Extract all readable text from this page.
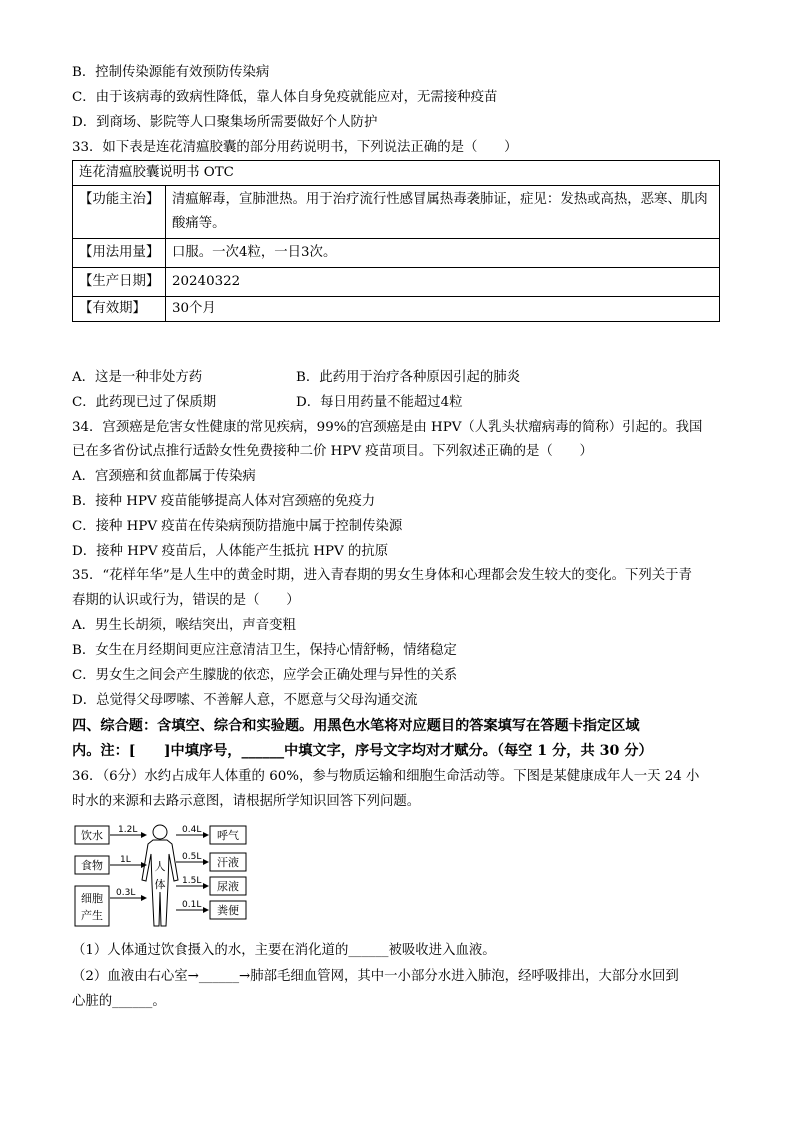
B．控制传染源能有效预防传染病
C．由于该病毒的致病性降低，靠人体自身免疫就能应对，无需接种疫苗
D．到商场、影院等人口聚集场所需要做好个人防护
33．如下表是连花清瘟胶囊的部分用药说明书，下列说法正确的是（　　）
连花清瘟胶囊说明书 OTC	
【功能主治】	清瘟解毒，宣肺泄热。用于治疗流行性感冒属热毒袭肺证，症见：发热或高热，恶寒、肌肉酸痛等。
【用法用量】	口服。一次4粒，一日3次。
【生产日期】	20240322
【有效期】	30个月
A．这是一种非处方药	B．此药用于治疗各种原因引起的肺炎
C．此药现已过了保质期	D．每日用药量不能超过4粒
34．宫颈癌是危害女性健康的常见疾病，99%的宫颈癌是由 HPV（人乳头状瘤病毒的简称）引起的。我国
已在多省份试点推行适龄女性免费接种二价 HPV 疫苗项目。下列叙述正确的是（　　）
A．宫颈癌和贫血都属于传染病
B．接种 HPV 疫苗能够提高人体对宫颈癌的免疫力
C．接种 HPV 疫苗在传染病预防措施中属于控制传染源
D．接种 HPV 疫苗后，人体能产生抵抗 HPV 的抗原
35．“花样年华”是人生中的黄金时期，进入青春期的男女生身体和心理都会发生较大的变化。下列关于青
春期的认识或行为，错误的是（　　）
A．男生长胡须，喉结突出，声音变粗
B．女生在月经期间更应注意清洁卫生，保持心情舒畅，情绪稳定
C．男女生之间会产生朦胧的依恋，应学会正确处理与异性的关系
D．总觉得父母啰嗦、不善解人意，不愿意与父母沟通交流
四、综合题：含填空、综合和实验题。用黑色水笔将对应题目的答案填写在答题卡指定区域
内。注：[　　]中填序号，______中填文字，序号文字均对才赋分。（每空 1 分，共 30 分）
36．（6分）水约占成年人体重的 60%，参与物质运输和细胞生命活动等。下图是某健康成年人一天 24 小
时水的来源和去路示意图，请根据所学知识回答下列问题。
饮水
食物
细胞
产生
1.2L
1L
0.3L
人
体
0.4L
0.5L
1.5L
0.1L
呼气
汗液
尿液
粪便
（1）人体通过饮食摄入的水，主要在消化道的______被吸收进入血液。
（2）血液由右心室→______→肺部毛细血管网，其中一小部分水进入肺泡，经呼吸排出，大部分水回到
心脏的______。
